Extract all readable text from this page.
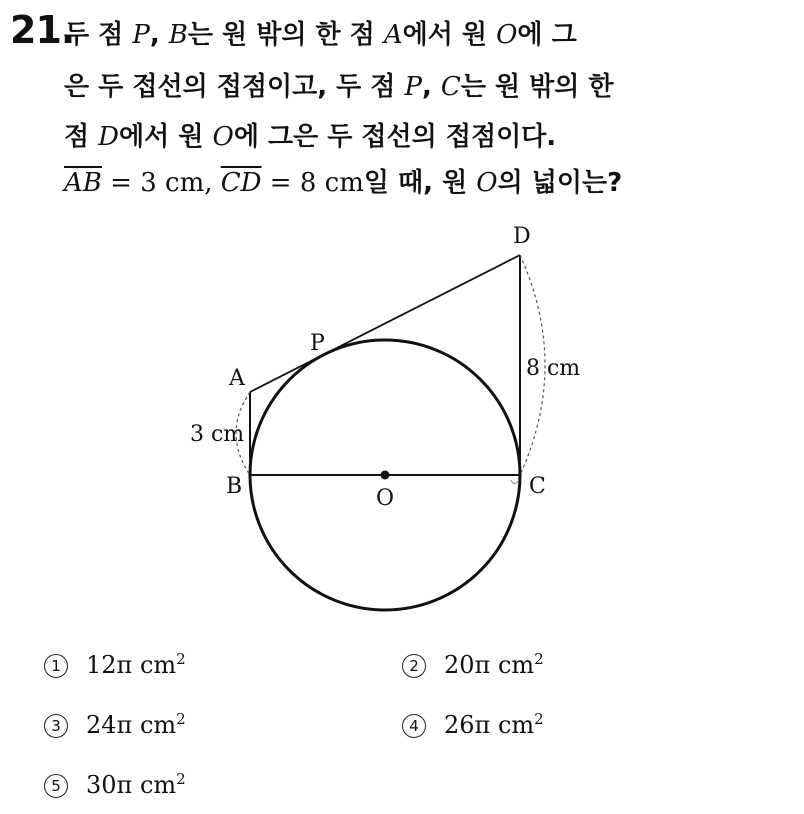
21.
두 점 P, B는 원 밖의 한 점 A에서 원 O에 그
은 두 접선의 접점이고, 두 점 P, C는 원 밖의 한
점 D에서 원 O에 그은 두 접선의 접점이다.
$\overline{AB} = 3$ cm, $\overline{CD} = 8$ cm일 때, 원 O의 넓이는?
D
P
A
3 cm
B	O	C
8 cm
1 12π $cm^2$	2 20π $cm^2$
3 24π $cm^2$	4 26π $cm^2$
5 30π $cm^2$
